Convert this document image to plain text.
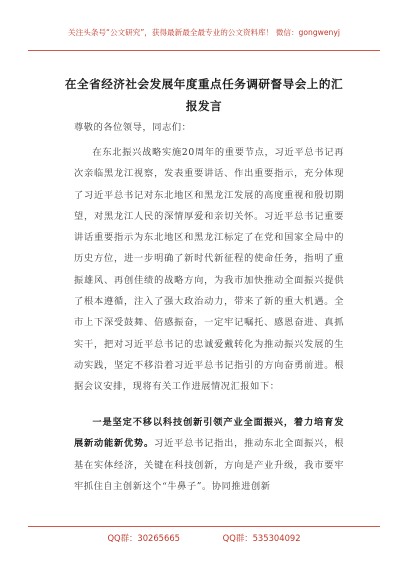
关注头条号“公文研究”，获得最新最全最专业的公文资料库！ 微信：gongwenyj
在全省经济社会发展年度重点任务调研督导会上的汇报发言
尊敬的各位领导，同志们：
在东北振兴战略实施20周年的重要节点，习近平总书记再次亲临黑龙江视察，发表重要讲话、作出重要指示，充分体现了习近平总书记对东北地区和黑龙江发展的高度重视和殷切期望，对黑龙江人民的深情厚爱和亲切关怀。习近平总书记重要讲话重要指示为东北地区和黑龙江标定了在党和国家全局中的历史方位，进一步明确了新时代新征程的使命任务，指明了重振雄风、再创佳绩的战略方向，为我市加快推动全面振兴提供了根本遵循，注入了强大政治动力，带来了新的重大机遇。全市上下深受鼓舞、倍感振奋，一定牢记嘱托、感恩奋进、真抓实干，把对习近平总书记的忠诚爱戴转化为推动振兴发展的生动实践，坚定不移沿着习近平总书记指引的方向奋勇前进。根据会议安排，现将有关工作进展情况汇报如下：
一是坚定不移以科技创新引领产业全面振兴，着力培育发展新动能新优势。习近平总书记指出，推动东北全面振兴，根基在实体经济，关键在科技创新，方向是产业升级，我市要牢牢抓住自主创新这个“牛鼻子”。协同推进创新
QQ群：30265665	QQ群：535304092
